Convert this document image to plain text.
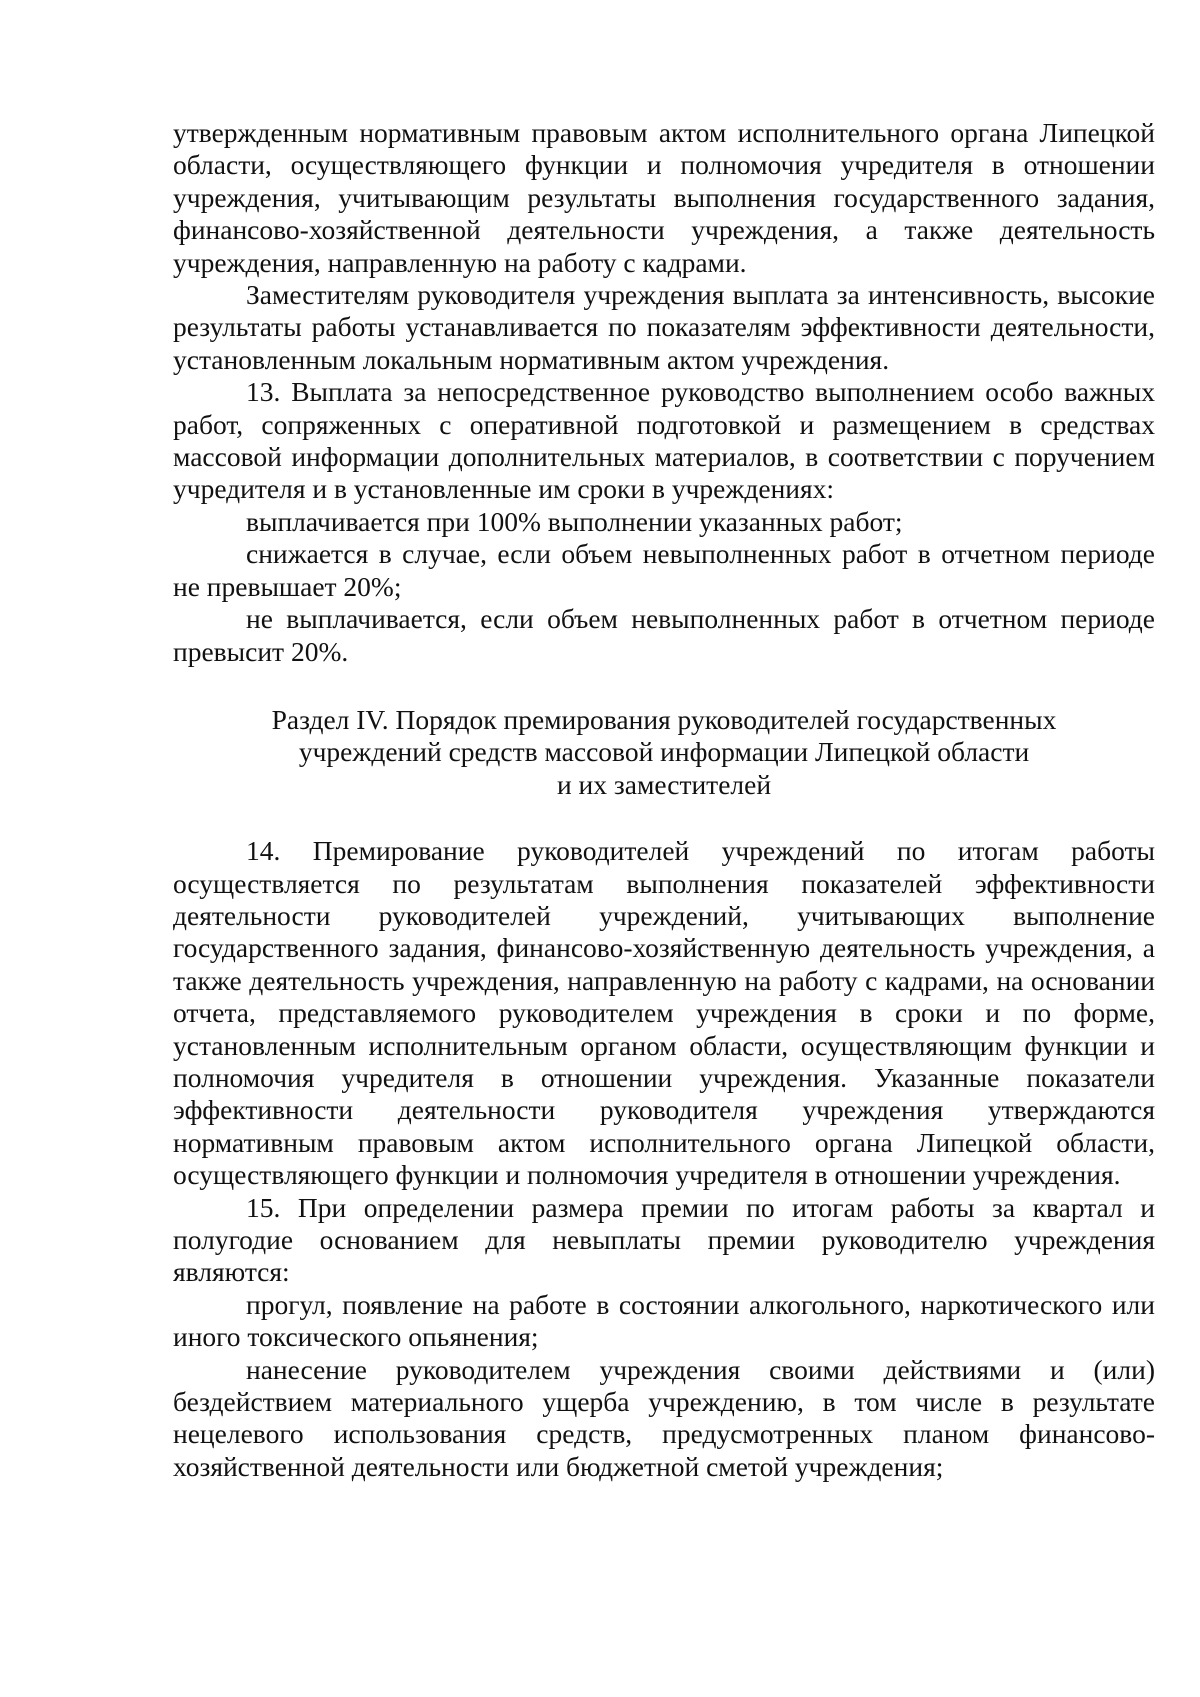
утвержденным нормативным правовым актом исполнительного органа Липецкой области, осуществляющего функции и полномочия учредителя в отношении учреждения, учитывающим результаты выполнения государственного задания, финансово-хозяйственной деятельности учреждения, а также деятельность учреждения, направленную на работу с кадрами.

Заместителям руководителя учреждения выплата за интенсивность, высокие результаты работы устанавливается по показателям эффективности деятельности, установленным локальным нормативным актом учреждения.

13. Выплата за непосредственное руководство выполнением особо важных работ, сопряженных с оперативной подготовкой и размещением в средствах массовой информации дополнительных материалов, в соответствии с поручением учредителя и в установленные им сроки в учреждениях:

выплачивается при 100% выполнении указанных работ;

снижается в случае, если объем невыполненных работ в отчетном периоде не превышает 20%;

не выплачивается, если объем невыполненных работ в отчетном периоде превысит 20%.

Раздел IV. Порядок премирования руководителей государственных
учреждений средств массовой информации Липецкой области
и их заместителей

14. Премирование руководителей учреждений по итогам работы осуществляется по результатам выполнения показателей эффективности деятельности руководителей учреждений, учитывающих выполнение государственного задания, финансово-хозяйственную деятельность учреждения, а также деятельность учреждения, направленную на работу с кадрами, на основании отчета, представляемого руководителем учреждения в сроки и по форме, установленным исполнительным органом области, осуществляющим функции и полномочия учредителя в отношении учреждения. Указанные показатели эффективности деятельности руководителя учреждения утверждаются нормативным правовым актом исполнительного органа Липецкой области, осуществляющего функции и полномочия учредителя в отношении учреждения.

15. При определении размера премии по итогам работы за квартал и полугодие основанием для невыплаты премии руководителю учреждения являются:

прогул, появление на работе в состоянии алкогольного, наркотического или иного токсического опьянения;

нанесение руководителем учреждения своими действиями и (или) бездействием материального ущерба учреждению, в том числе в результате нецелевого использования средств, предусмотренных планом финансово-хозяйственной деятельности или бюджетной сметой учреждения;
